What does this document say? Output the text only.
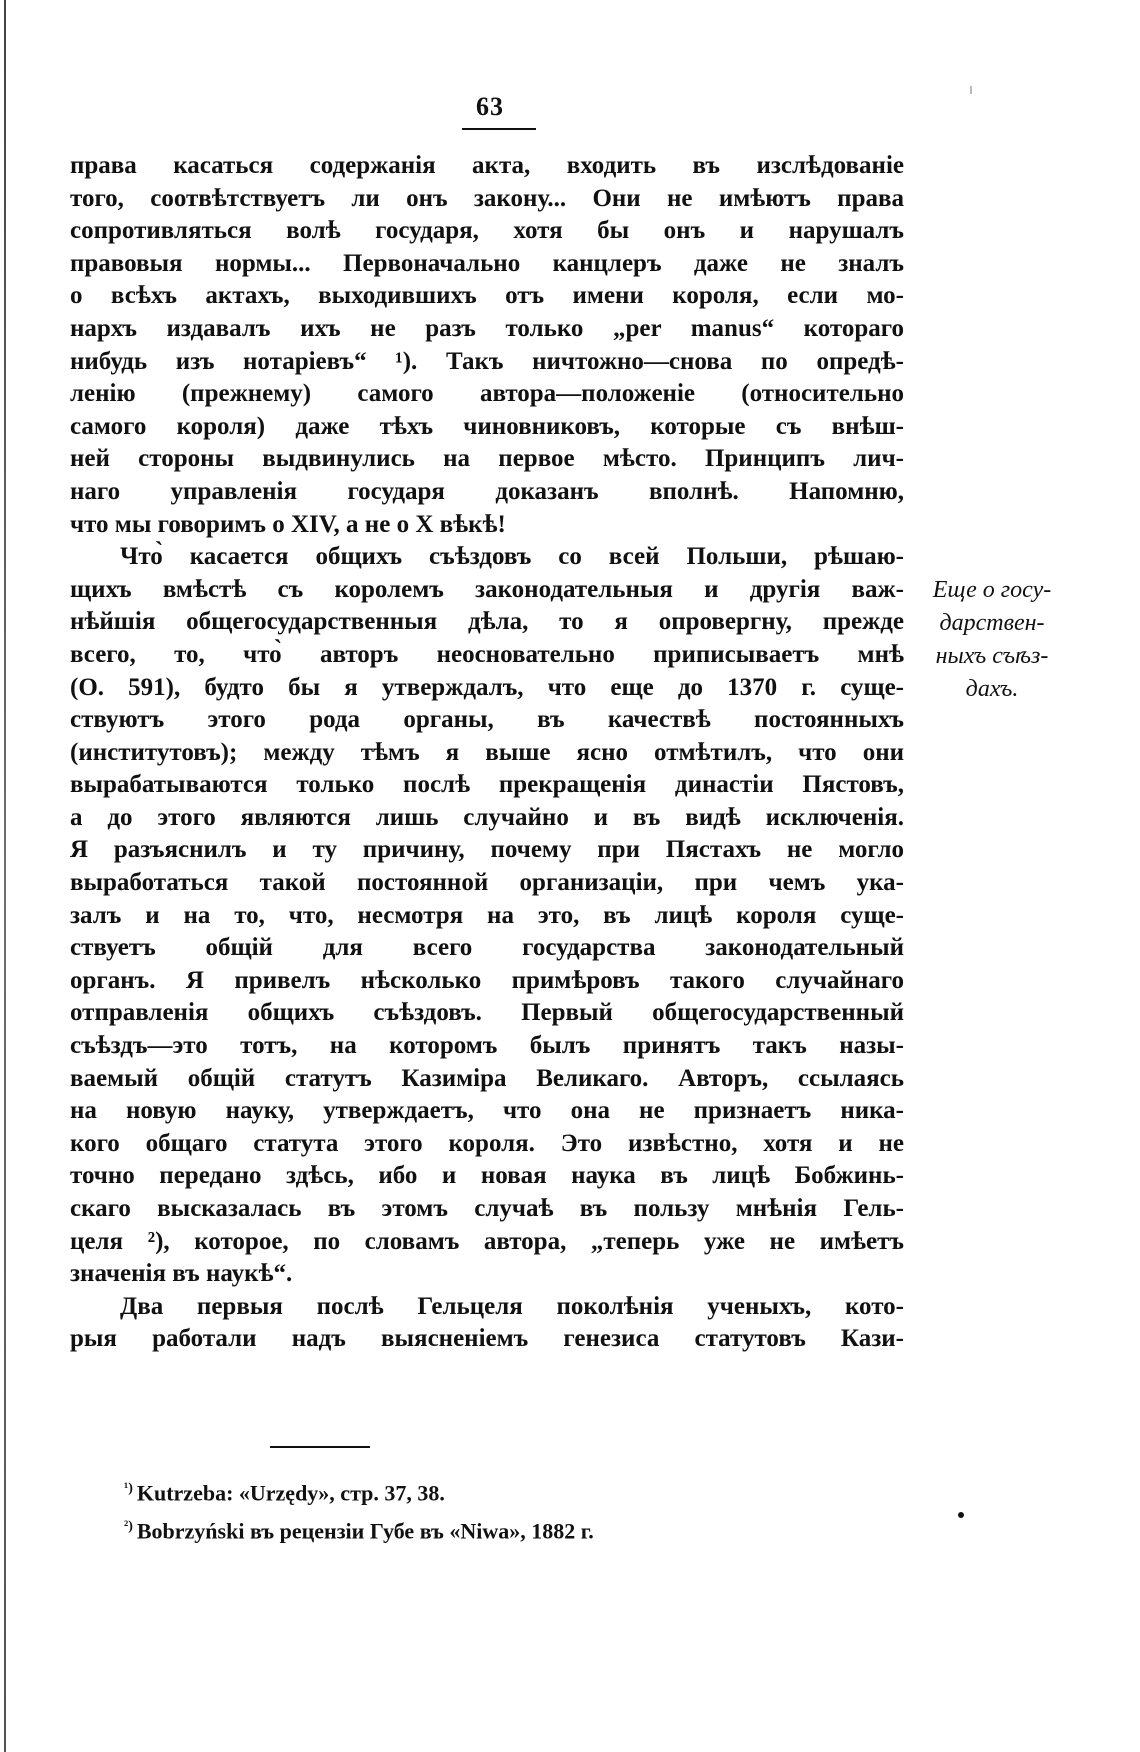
63
права касаться содержанія акта, входить въ изслѣдованіе
того, соотвѣтствуетъ ли онъ закону... Они не имѣютъ права
сопротивляться волѣ государя, хотя бы онъ и нарушалъ
правовыя нормы... Первоначально канцлеръ даже не зналъ
о всѣхъ актахъ, выходившихъ отъ имени короля, если мо-
нархъ издавалъ ихъ не разъ только „per manus“ котораго
нибудь изъ нотаріевъ“ ¹). Такъ ничтожно—снова по опредѣ-
ленію (прежнему) самого автора—положеніе (относительно
самого короля) даже тѣхъ чиновниковъ, которые съ внѣш-
ней стороны выдвинулись на первое мѣсто. Принципъ лич-
наго управленія государя доказанъ вполнѣ. Напомню,
что мы говоримъ о XIV, а не о X вѣкѣ!
Что̀ касается общихъ съѣздовъ со всей Польши, рѣшаю-
щихъ вмѣстѣ съ королемъ законодательныя и другія важ-
нѣйшія общегосударственныя дѣла, то я опровергну, прежде
всего, то, что̀ авторъ неосновательно приписываетъ мнѣ
(О. 591), будто бы я утверждалъ, что еще до 1370 г. суще-
ствуютъ этого рода органы, въ качествѣ постоянныхъ
(институтовъ); между тѣмъ я выше ясно отмѣтилъ, что они
вырабатываются только послѣ прекращенія династіи Пястовъ,
а до этого являются лишь случайно и въ видѣ исключенія.
Я разъяснилъ и ту причину, почему при Пястахъ не могло
выработаться такой постоянной организаціи, при чемъ ука-
залъ и на то, что, несмотря на это, въ лицѣ короля суще-
ствуетъ общій для всего государства законодательный
органъ. Я привелъ нѣсколько примѣровъ такого случайнаго
отправленія общихъ съѣздовъ. Первый общегосударственный
съѣздъ—это тотъ, на которомъ былъ принятъ такъ назы-
ваемый общій статутъ Казиміра Великаго. Авторъ, ссылаясь
на новую науку, утверждаетъ, что она не признаетъ ника-
кого общаго статута этого короля. Это извѣстно, хотя и не
точно передано здѣсь, ибо и новая наука въ лицѣ Бобжинь-
скаго высказалась въ этомъ случаѣ въ пользу мнѣнія Гель-
целя ²), которое, по словамъ автора, „теперь уже не имѣетъ
значенія въ наукѣ“.
Два первыя послѣ Гельцеля поколѣнія ученыхъ, кото-
рыя работали надъ выясненіемъ генезиса статутовъ Кази-
Еще о госу-
дарствен-
ныхъ съѣз-
дахъ.
$^{^1)}$ Kutrzeba: «Urzędy», стр. 37, 38.
$^{^2)}$ Bobrzyński въ рецензіи Губе въ «Niwa», 1882 г.
